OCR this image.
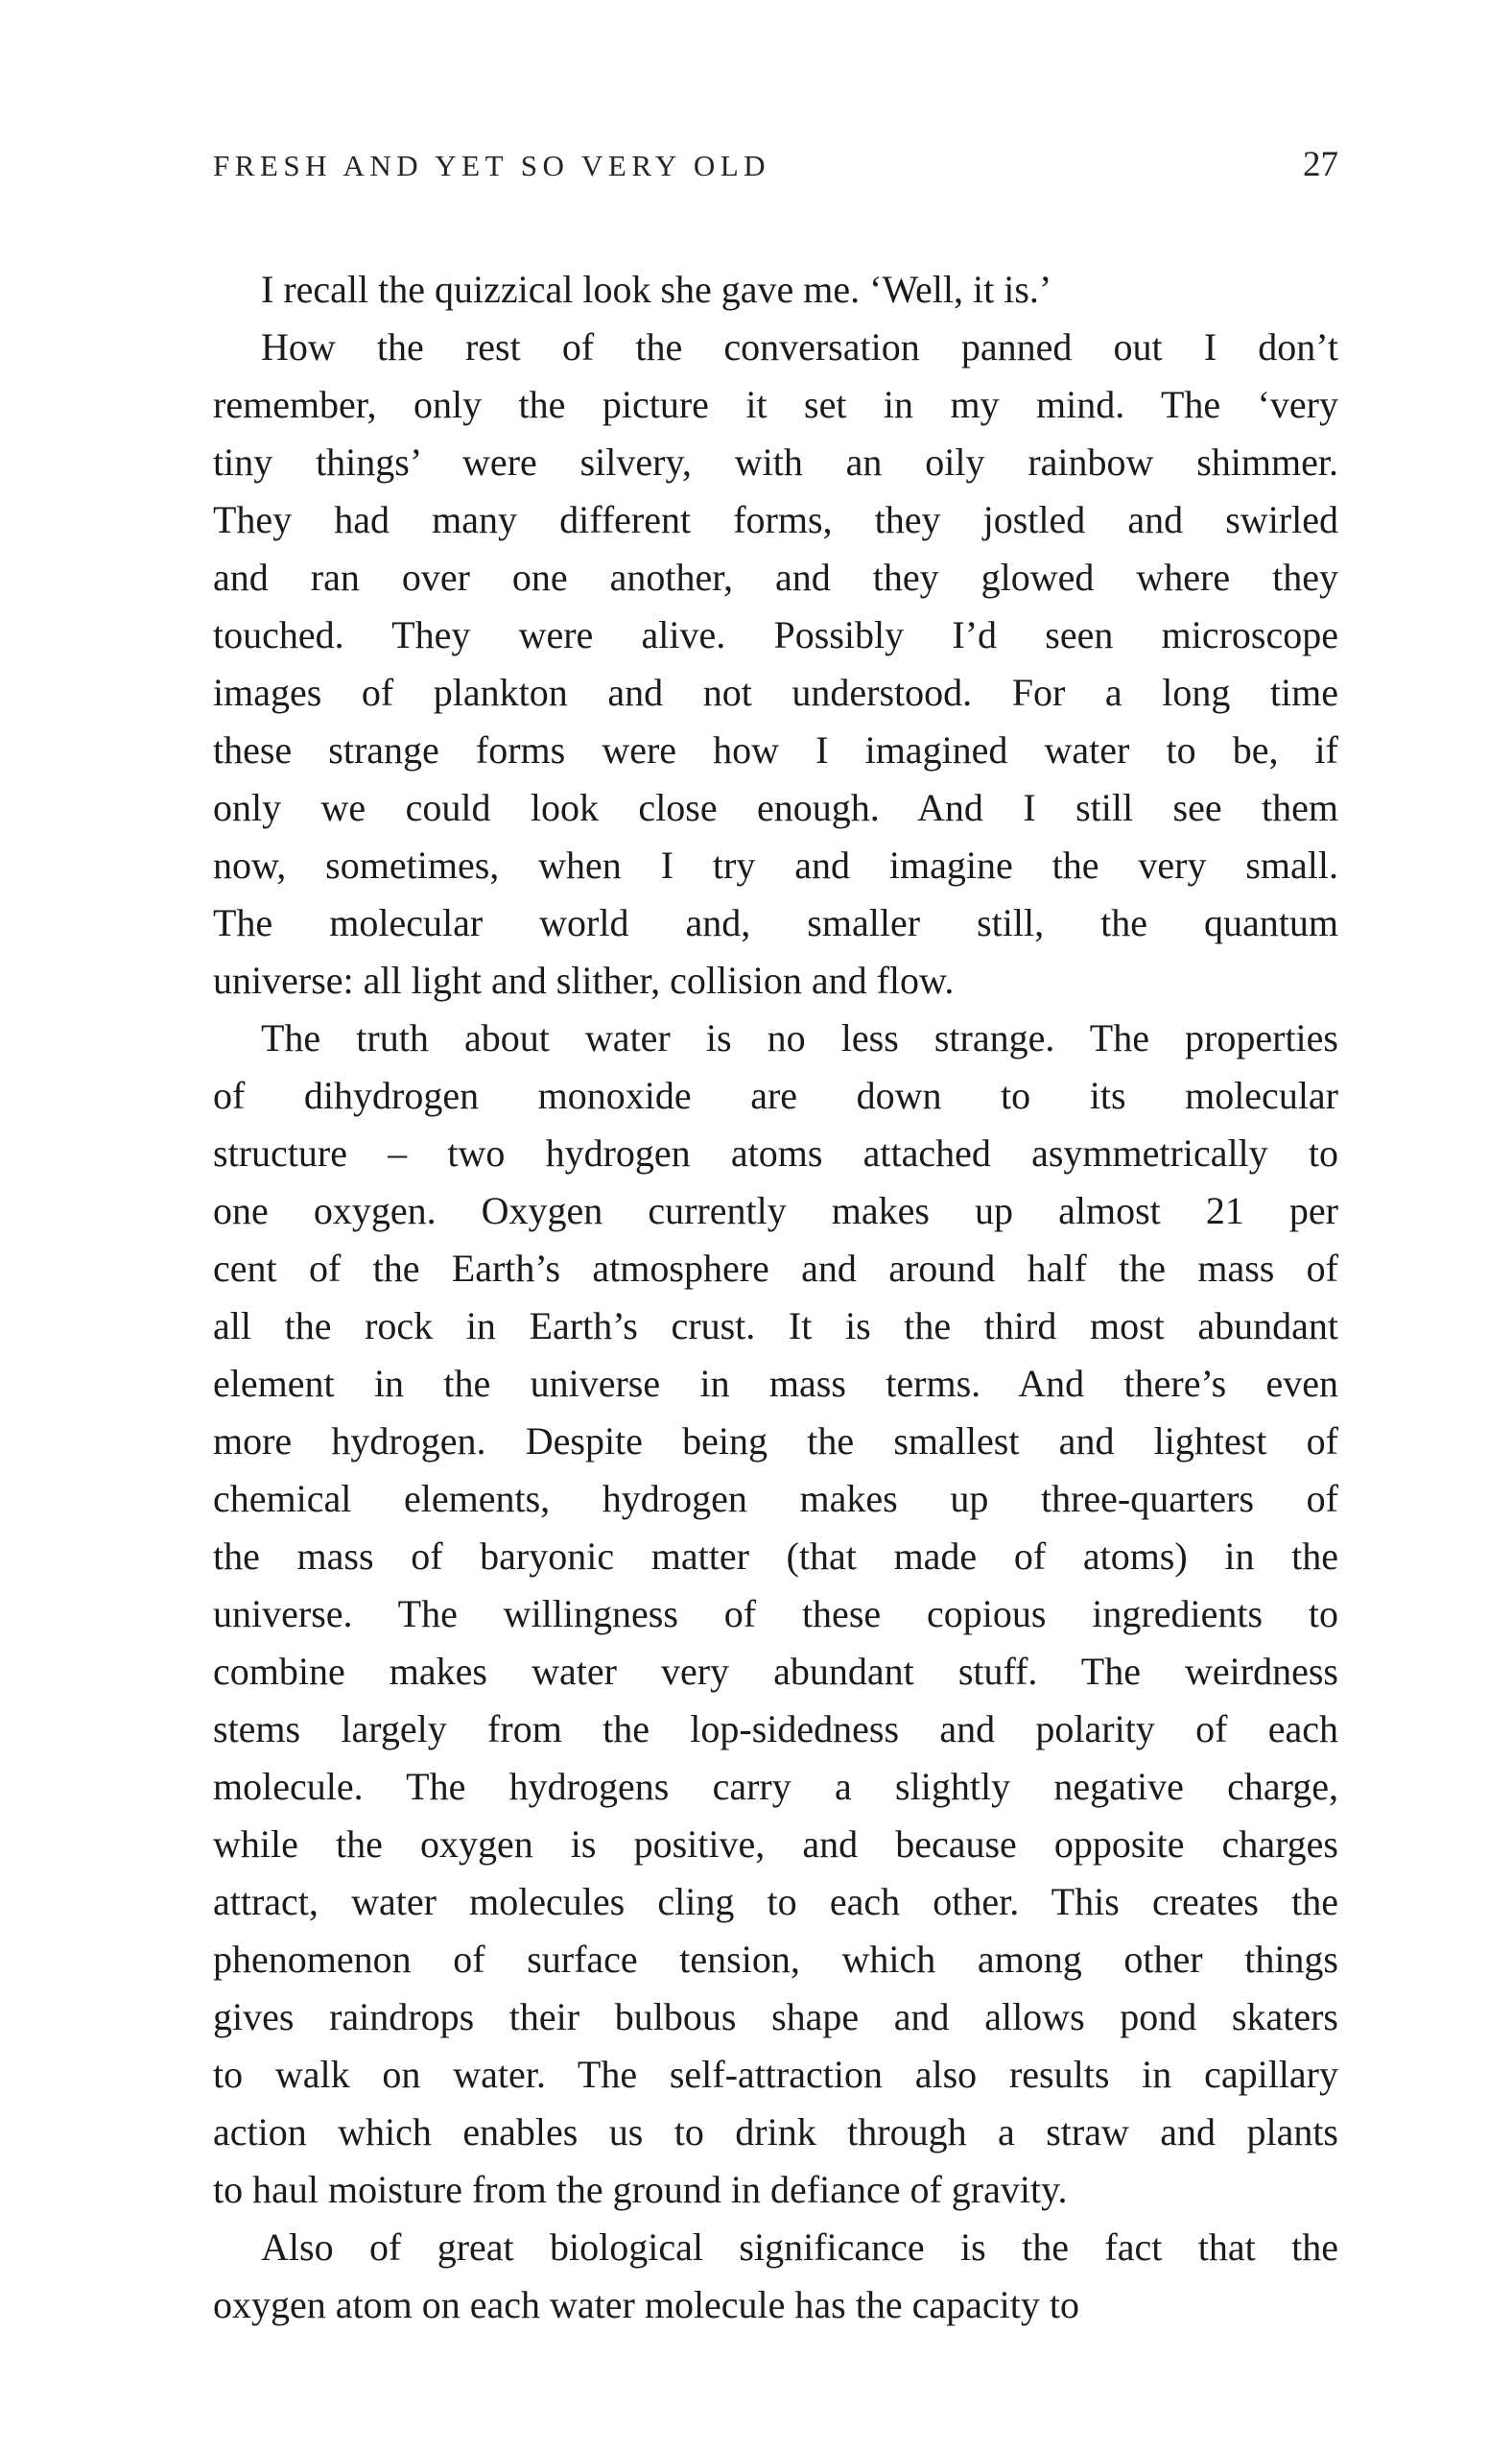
FRESH AND YET SO VERY OLD	27
I recall the quizzical look she gave me. ‘Well, it is.’
How the rest of the conversation panned out I don’t
remember, only the picture it set in my mind. The ‘very
tiny things’ were silvery, with an oily rainbow shimmer.
They had many different forms, they jostled and swirled
and ran over one another, and they glowed where they
touched. They were alive. Possibly I’d seen microscope
images of plankton and not understood. For a long time
these strange forms were how I imagined water to be, if
only we could look close enough. And I still see them
now, sometimes, when I try and imagine the very small.
The molecular world and, smaller still, the quantum
universe: all light and slither, collision and flow.
The truth about water is no less strange. The properties
of dihydrogen monoxide are down to its molecular
structure – two hydrogen atoms attached asymmetrically to
one oxygen. Oxygen currently makes up almost 21 per
cent of the Earth’s atmosphere and around half the mass of
all the rock in Earth’s crust. It is the third most abundant
element in the universe in mass terms. And there’s even
more hydrogen. Despite being the smallest and lightest of
chemical elements, hydrogen makes up three-quarters of
the mass of baryonic matter (that made of atoms) in the
universe. The willingness of these copious ingredients to
combine makes water very abundant stuff. The weirdness
stems largely from the lop-sidedness and polarity of each
molecule. The hydrogens carry a slightly negative charge,
while the oxygen is positive, and because opposite charges
attract, water molecules cling to each other. This creates the
phenomenon of surface tension, which among other things
gives raindrops their bulbous shape and allows pond skaters
to walk on water. The self-attraction also results in capillary
action which enables us to drink through a straw and plants
to haul moisture from the ground in defiance of gravity.
Also of great biological significance is the fact that the
oxygen atom on each water molecule has the capacity to
